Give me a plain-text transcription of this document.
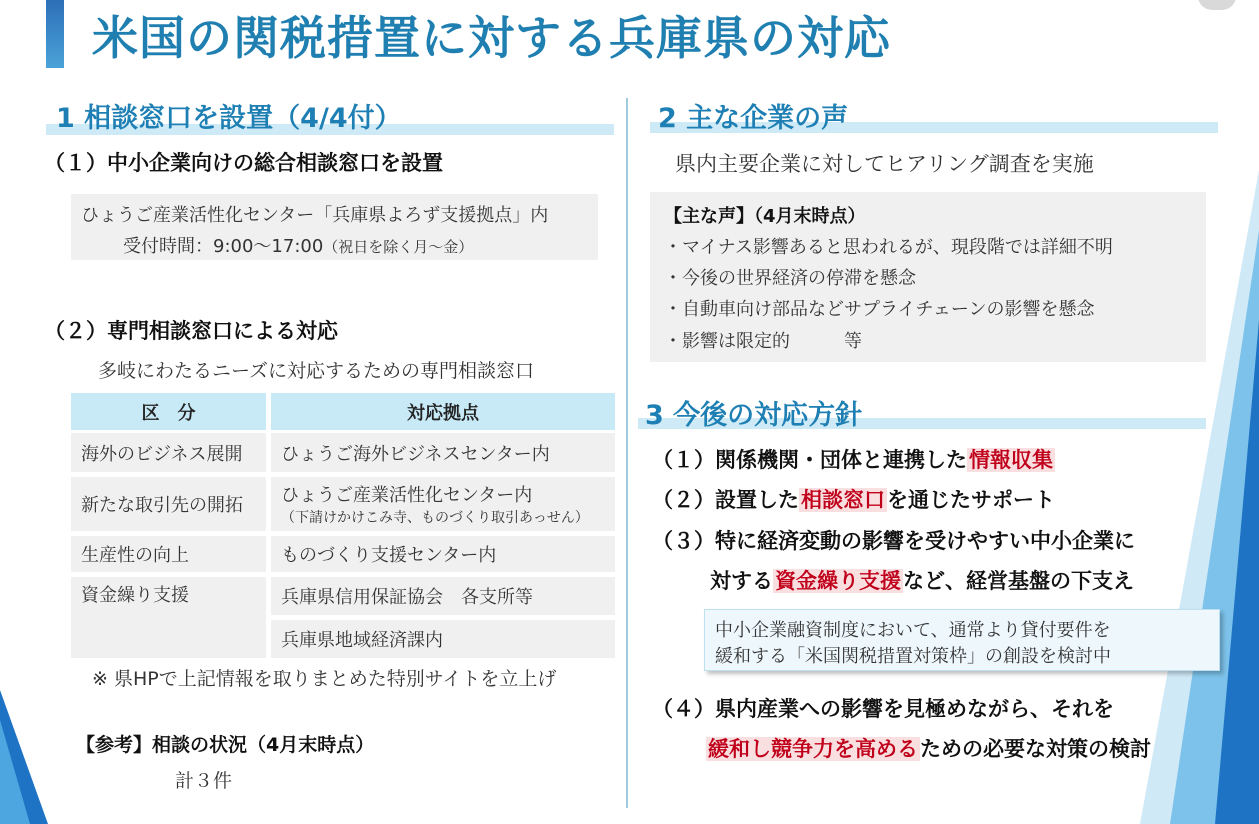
米国の関税措置に対する兵庫県の対応
1 相談窓口を設置（4/4付）
（１）中小企業向けの総合相談窓口を設置
ひょうご産業活性化センター「兵庫県よろず支援拠点」内
受付時間：9:00〜17:00（祝日を除く月〜金）
（２）専門相談窓口による対応
多岐にわたるニーズに対応するための専門相談窓口
区　分	対応拠点
海外のビジネス展開	ひょうご海外ビジネスセンター内
新たな取引先の開拓	ひょうご産業活性化センター内
（下請けかけこみ寺、ものづくり取引あっせん）
生産性の向上	ものづくり支援センター内
資金繰り支援	兵庫県信用保証協会　各支所等
兵庫県地域経済課内
※ 県HPで上記情報を取りまとめた特別サイトを立上げ
【参考】相談の状況（4月末時点）
計３件
2 主な企業の声
県内主要企業に対してヒアリング調査を実施
【主な声】（4月末時点）
・マイナス影響あると思われるが、現段階では詳細不明
・今後の世界経済の停滞を懸念
・自動車向け部品などサプライチェーンの影響を懸念
・影響は限定的　　　等
3 今後の対応方針
（１）関係機関・団体と連携した情報収集
（２）設置した相談窓口を通じたサポート
（３）特に経済変動の影響を受けやすい中小企業に
対する資金繰り支援など、経営基盤の下支え
中小企業融資制度において、通常より貸付要件を
緩和する「米国関税措置対策枠」の創設を検討中
（４）県内産業への影響を見極めながら、それを
緩和し競争力を高めるための必要な対策の検討
